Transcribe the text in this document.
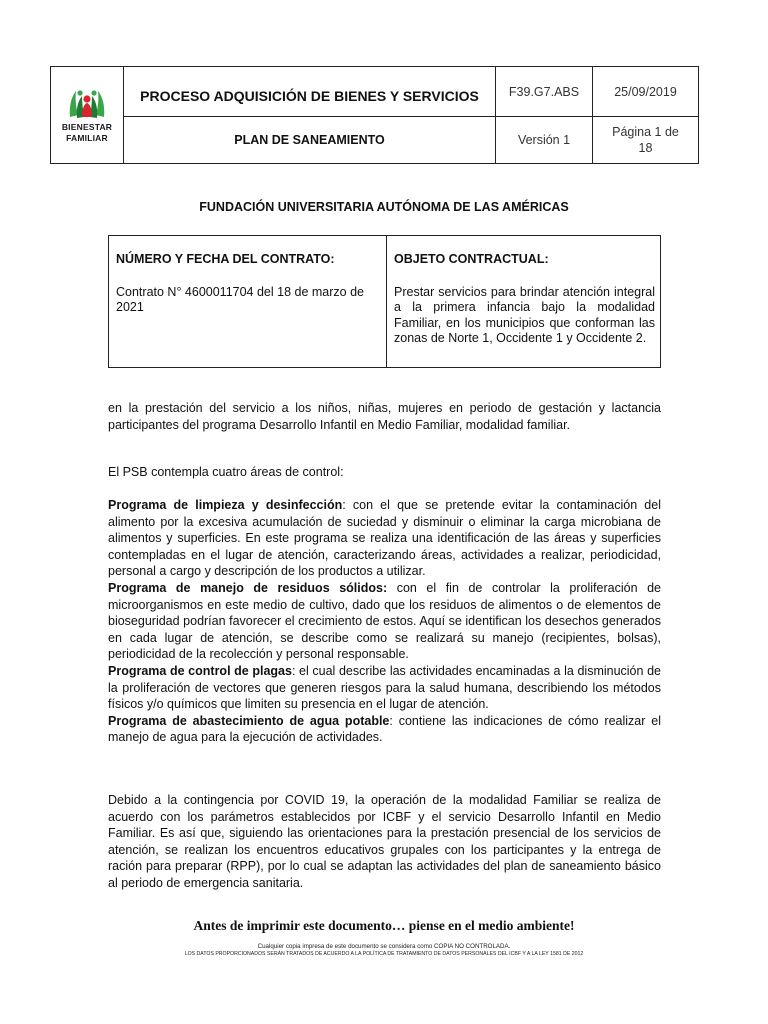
BIENESTAR
FAMILIAR	PROCESO ADQUISICIÓN DE BIENES Y SERVICIOS	F39.G7.ABS	25/09/2019
	PLAN DE SANEAMIENTO	Versión 1	Página 1 de 18
FUNDACIÓN UNIVERSITARIA AUTÓNOMA DE LAS AMÉRICAS
NÚMERO Y FECHA DEL CONTRATO:
Contrato N° 4600011704 del 18 de marzo de 2021

OBJETO CONTRACTUAL:
Prestar servicios para brindar atención integral a la primera infancia bajo la modalidad Familiar, en los municipios que conforman las zonas de Norte 1, Occidente 1 y Occidente 2.

en la prestación del servicio a los niños, niñas, mujeres en periodo de gestación y lactancia participantes del programa Desarrollo Infantil en Medio Familiar, modalidad familiar.

El PSB contempla cuatro áreas de control:

Programa de limpieza y desinfección: con el que se pretende evitar la contaminación del alimento por la excesiva acumulación de suciedad y disminuir o eliminar la carga microbiana de alimentos y superficies. En este programa se realiza una identificación de las áreas y superficies contempladas en el lugar de atención, caracterizando áreas, actividades a realizar, periodicidad, personal a cargo y descripción de los productos a utilizar.

Programa de manejo de residuos sólidos: con el fin de controlar la proliferación de microorganismos en este medio de cultivo, dado que los residuos de alimentos o de elementos de bioseguridad podrían favorecer el crecimiento de estos. Aquí se identifican los desechos generados en cada lugar de atención, se describe como se realizará su manejo (recipientes, bolsas), periodicidad de la recolección y personal responsable.

Programa de control de plagas: el cual describe las actividades encaminadas a la disminución de la proliferación de vectores que generen riesgos para la salud humana, describiendo los métodos físicos y/o químicos que limiten su presencia en el lugar de atención.

Programa de abastecimiento de agua potable: contiene las indicaciones de cómo realizar el manejo de agua para la ejecución de actividades.

Debido a la contingencia por COVID 19, la operación de la modalidad Familiar se realiza de acuerdo con los parámetros establecidos por ICBF y el servicio Desarrollo Infantil en Medio Familiar. Es así que, siguiendo las orientaciones para la prestación presencial de los servicios de atención, se realizan los encuentros educativos grupales con los participantes y la entrega de ración para preparar (RPP), por lo cual se adaptan las actividades del plan de saneamiento básico al periodo de emergencia sanitaria.

Antes de imprimir este documento… piense en el medio ambiente!
Cualquier copia impresa de este documento se considera como COPIA NO CONTROLADA.
LOS DATOS PROPORCIONADOS SERÁN TRATADOS DE ACUERDO A LA POLÍTICA DE TRATAMIENTO DE DATOS PERSONALES DEL ICBF Y A LA LEY 1581 DE 2012
